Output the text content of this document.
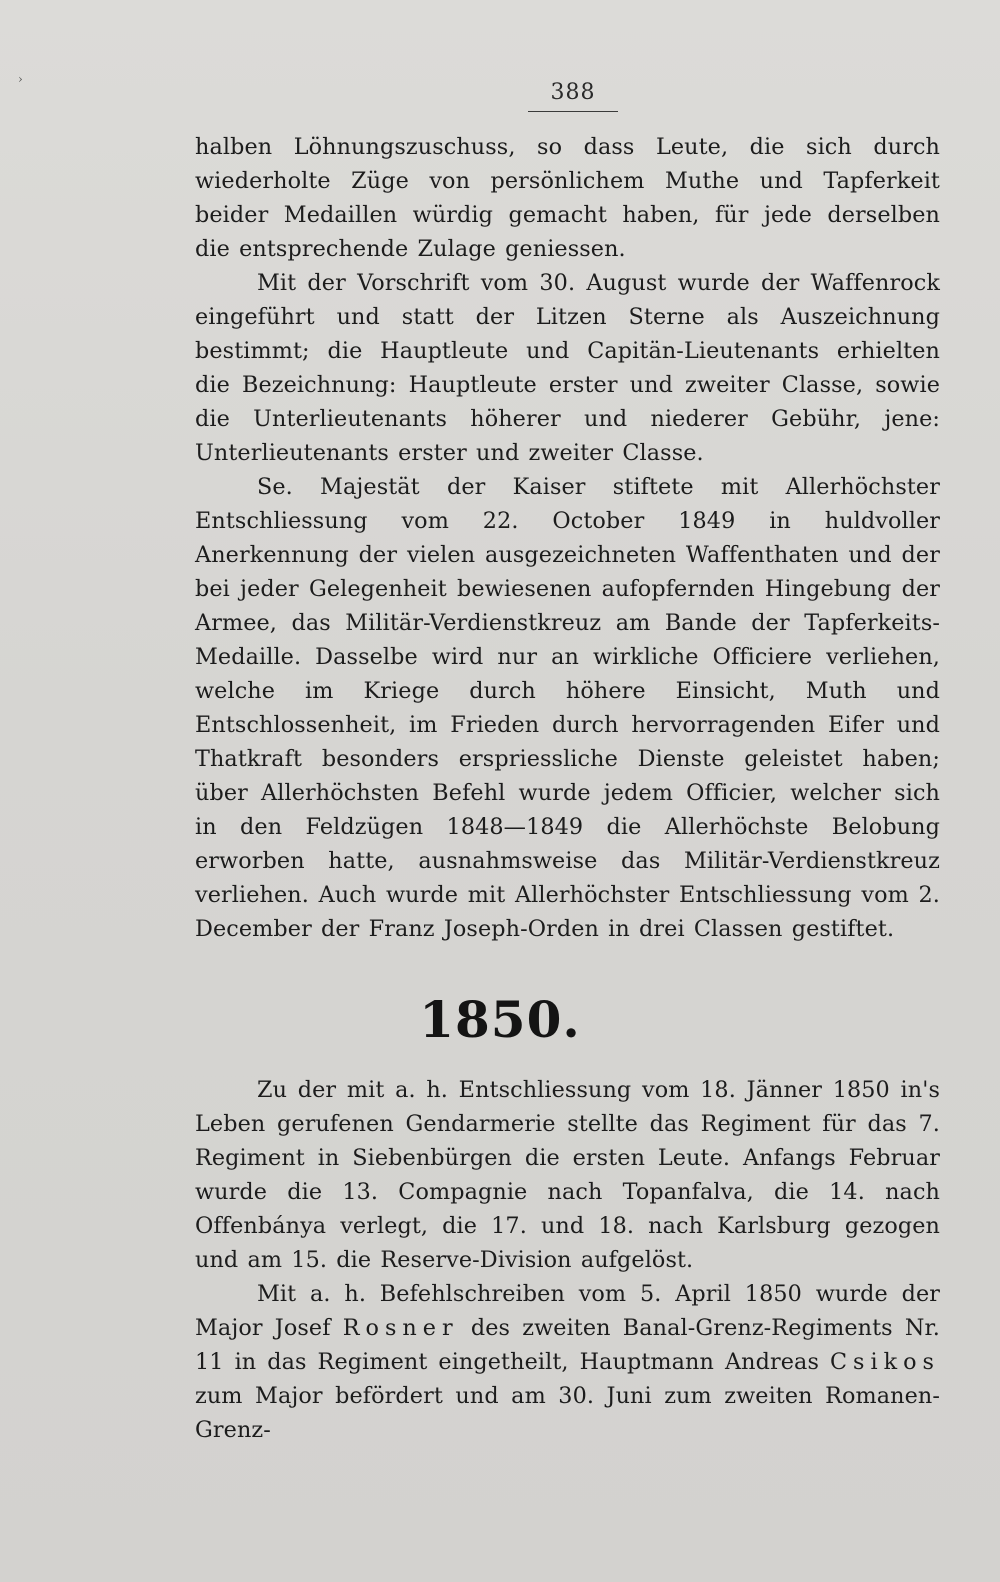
›
388

halben Löhnungszuschuss, so dass Leute, die sich durch wiederholte Züge von persönlichem Muthe und Tapferkeit beider Medaillen würdig gemacht haben, für jede derselben die entsprechende Zulage geniessen.

Mit der Vorschrift vom 30. August wurde der Waffenrock eingeführt und statt der Litzen Sterne als Auszeichnung bestimmt; die Hauptleute und Capitän-Lieutenants erhielten die Bezeichnung: Hauptleute erster und zweiter Classe, sowie die Unterlieutenants höherer und niederer Gebühr, jene: Unterlieutenants erster und zweiter Classe.

Se. Majestät der Kaiser stiftete mit Allerhöchster Entschliessung vom 22. October 1849 in huldvoller Anerkennung der vielen ausgezeichneten Waffenthaten und der bei jeder Gelegenheit bewiesenen aufopfernden Hingebung der Armee, das Militär-Verdienstkreuz am Bande der Tapferkeits-Medaille. Dasselbe wird nur an wirkliche Officiere verliehen, welche im Kriege durch höhere Einsicht, Muth und Entschlossenheit, im Frieden durch hervorragenden Eifer und Thatkraft besonders erspriessliche Dienste geleistet haben; über Allerhöchsten Befehl wurde jedem Officier, welcher sich in den Feldzügen 1848—1849 die Allerhöchste Belobung erworben hatte, ausnahmsweise das Militär-Verdienstkreuz verliehen. Auch wurde mit Allerhöchster Entschliessung vom 2. December der Franz Joseph-Orden in drei Classen gestiftet.

1850.

Zu der mit a. h. Entschliessung vom 18. Jänner 1850 in's Leben gerufenen Gendarmerie stellte das Regiment für das 7. Regiment in Siebenbürgen die ersten Leute. Anfangs Februar wurde die 13. Compagnie nach Topanfalva, die 14. nach Offenbánya verlegt, die 17. und 18. nach Karlsburg gezogen und am 15. die Reserve-Division aufgelöst.

Mit a. h. Befehlschreiben vom 5. April 1850 wurde der Major Josef Rosner des zweiten Banal-Grenz-Regiments Nr. 11 in das Regiment eingetheilt, Hauptmann Andreas Csikos zum Major befördert und am 30. Juni zum zweiten Romanen-Grenz-
